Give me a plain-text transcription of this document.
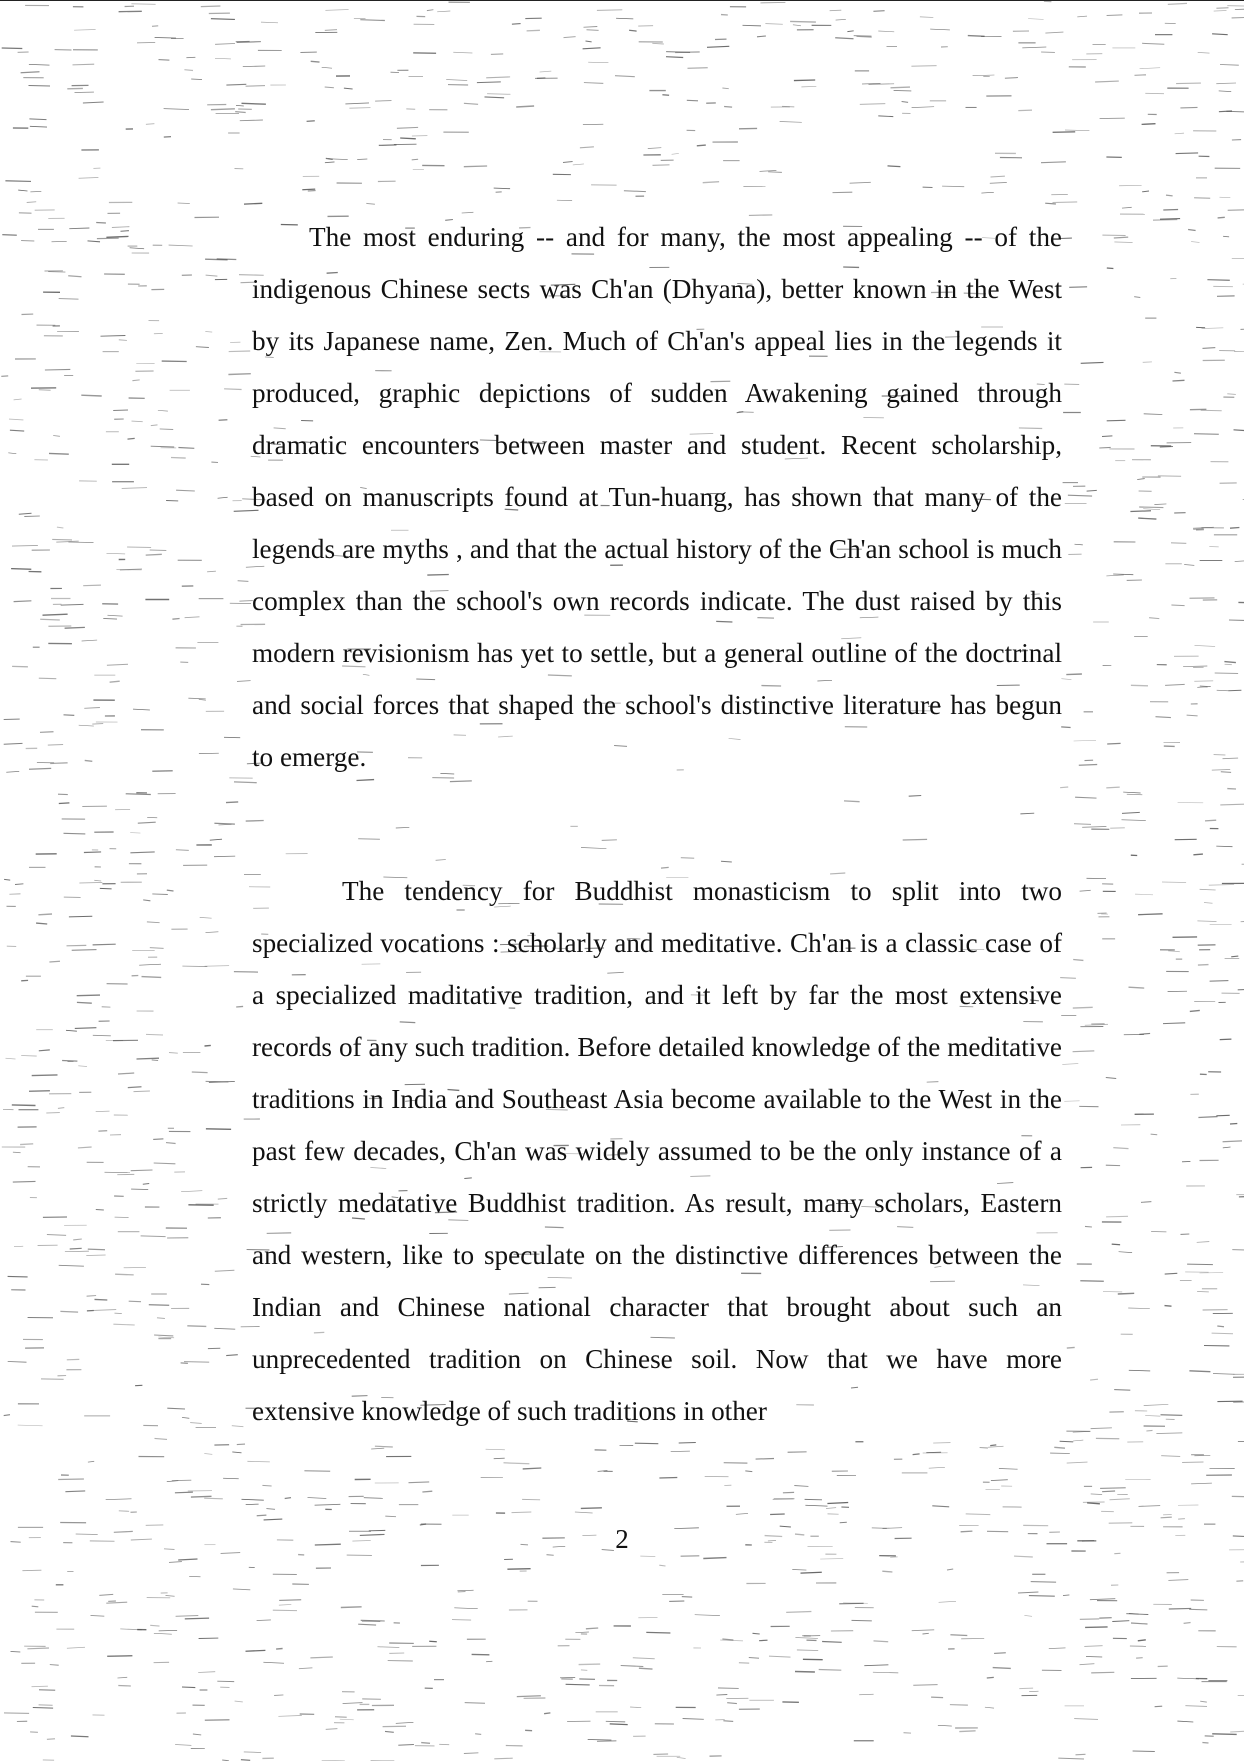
The most enduring -- and for many, the most appealing -- of the indigenous Chinese sects was Ch'an (Dhyana), better known in the West by its Japanese name, Zen. Much of Ch'an's appeal lies in the legends it produced, graphic depictions of sudden Awakening gained through dramatic encounters between master and student. Recent scholarship, based on manuscripts found at Tun-huang, has shown that many of the legends are myths , and that the actual history of the Ch'an school is much complex than the school's own records indicate. The dust raised by this modern revisionism has yet to settle, but a general outline of the doctrinal and social forces that shaped the school's distinctive literature has begun to emerge.

The tendency for Buddhist monasticism to split into two specialized vocations : scholarly and meditative. Ch'an is a classic case of a specialized maditative tradition, and it left by far the most extensive records of any such tradition. Before detailed knowledge of the meditative traditions in India and Southeast Asia become available to the West in the past few decades, Ch'an was widely assumed to be the only instance of a strictly medatative Buddhist tradition. As result, many scholars, Eastern and western, like to speculate on the distinctive differences between the Indian and Chinese national character that brought about such an unprecedented tradition on Chinese soil. Now that we have more extensive knowledge of such traditions in other

2
